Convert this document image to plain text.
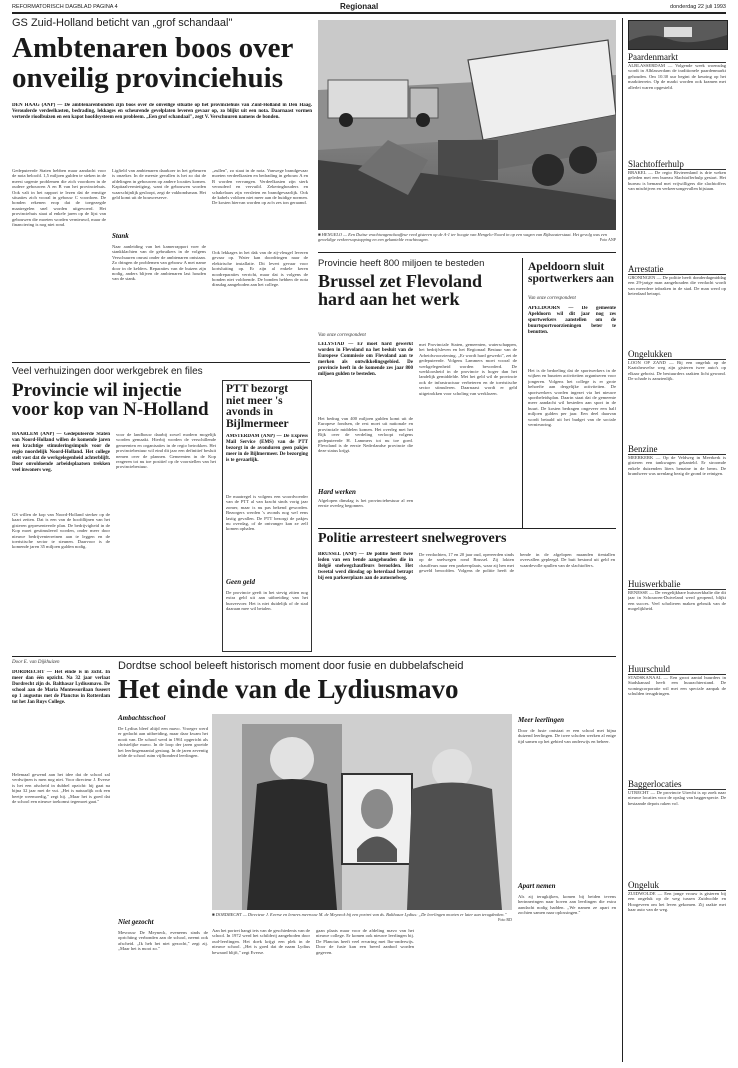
REFORMATORISCH DAGBLAD PAGINA 4	Regionaal	donderdag 22 juli 1993
GS Zuid-Holland beticht van „grof schandaal"
Ambtenaren boos over onveilig provinciehuis
DEN HAAG (ANP) — De ambtenarenbonden zijn boos over de onveilige situatie op het provinciehuis van Zuid-Holland in Den Haag. Verouderde verdeelkasten, bedrading, lekkages en scheurende gevelplaten leveren gevaar op, zo blijkt uit een nota. Daarnaast vormen verterde rioolbuizen en een kapot hoofdsysteem een probleem. „Een grof schandaal", zegt V. Verschuuren namens de bonden.
Gedeputeerde Staten hebben maar aandacht voor de nota beloofd. 1,5 miljoen gulden te steken in de meest urgente problemen die zich voordoen in de oudere gebouwen A en B van het provinciehuis. Ook valt in het rapport te lezen dat de ernstige situaties zich vooral in gebouw C voordoen. De bonden rekenen erop dat de toegezegde maatregelen snel worden uitgevoerd. Het provinciehuis staat al enkele jaren op de lijst van gebouwen die moeten worden vernieuwd, maar de financiering is nog niet rond.
Ligfield van ambtenaren daarkoer in het gebeuren is onzeker. In de meeste gevallen is het zo dat de afdelingen in gebouwen op andere locaties komen. Kapitaalvernietiging, want de gebouwen worden waarschijnlijk gesloopt, zegt de vakbondsman. Het geld komt uit de bouwreserve.
Stank
Naar aanleiding van het kamerrapport voer de stankklachten van de gebruikers in de volgens Verschuuren onrust onder de ambtenaren ontstaan. Zo dringen de problemen van gebouw A met name door in de kelders. Reparaties van de buizen zijn nodig, anders blijven de ambtenaren last houden van de stank.
„zullen", zo staat in de nota. Vanwege brandgevaar moeten verdeelkasten en bedrading in gebouw A en B worden vervangen. Verdeelkasten zijn sterk verouderd en vervuild. Zekeringhouders en schakelaars zijn versleten en brandgevaarlijk. Ook de kabels voldoen niet meer aan de huidige normen. De kosten hiervan worden op zo'n zes ton geraamd.
Ook lekkages in het dak van de zij-vleugel leveren gevaar op. Water kan doordringen naar de elektrische installatie. Dit levert gevaar voor kortsluiting op. Er zijn al enkele keren noodreparaties verricht, maar dat is volgens de bonden niet voldoende. De bonden hebben de nota dinsdag aangeboden aan het college.
■ HENGELO — Een Duitse vrachtwagenchauffeur reed gisteren op de A-1 ter hoogte van Hengelo-Noord in op een wagen van Rijkswaterstaat. Het gevolg was een geweldige verkeersopstopping en een gekantelde vrachtwagen.	Foto ANP
Provincie heeft 800 miljoen te besteden
Brussel zet Flevoland hard aan het werk
Van onze correspondent
LELYSTAD — Er moet hard gewerkt worden in Flevoland na het besluit van de Europese Commissie om Flevoland aan te merken als ontwikkelingsgebied. De provincie heeft in de komende zes jaar 800 miljoen gulden te besteden.
Het bedrag van 400 miljoen gulden komt uit de Europese fondsen, de rest moet uit nationale en provinciale middelen komen. Het overleg met het Rijk over de verdeling verloopt volgens gedeputeerde H. Lammers tot nu toe goed. Flevoland is de eerste Nederlandse provincie die deze status krijgt.
Hard werken
Afgelopen dinsdag is het provinciebestuur al een eerste overleg begonnen.
met Provinciale Staten, gemeenten, waterschappen, het bedrijfsleven en het Regionaal Bestuur van de Arbeidsvoorziening. „Er wordt hard gewerkt", zei de gedeputeerde. Volgens Lammers moet vooral de werkgelegenheid worden bevorderd. De werkloosheid in de provincie is hoger dan het landelijk gemiddelde. Met het geld wil de provincie ook de infrastructuur verbeteren en de toeristische sector stimuleren. Daarnaast wordt er geld uitgetrokken voor scholing van werklozen.
Apeldoorn sluit sportwerkers aan
Van onze correspondent
APELDOORN — De gemeente Apeldoorn wil dit jaar nog zes sportwerkers aanstellen om de buurtsportvoorzieningen beter te benutten.
Het is de bedoeling dat de sportwerkers in de wijken en buurten activiteiten organiseren voor jongeren. Volgens het college is er grote behoefte aan dergelijke activiteiten. De sportwerkers worden ingezet via het nieuwe sportbeleidsplan. Daarin staat dat de gemeente meer aandacht wil besteden aan sport in de buurt. De kosten bedragen ongeveer een half miljoen gulden per jaar. Een deel daarvan wordt betaald uit het budget van de sociale vernieuwing.
Veel verhuizingen door werkgebrek en files
Provincie wil injectie voor kop van N-Holland
HAARLEM (ANP) — Gedeputeerde Staten van Noord-Holland willen de komende jaren een krachtige stimuleringsimpuls voor de regio noordelijk Noord-Holland. Het college stelt vast dat de werkgelegenheid achterblijft. Door onvoldoende arbeidsplaatsen trekken veel inwoners weg.
GS willen de kop van Noord-Holland sterker op de kaart zetten. Dat is een van de hoofdlijnen van het gisteren gepresenteerde plan. De bedrijvigheid in de Kop moet gestimuleerd worden, onder meer door nieuwe bedrijventerreinen aan te leggen en de toeristische sector te steunen. Daarvoor is de komende jaren 35 miljoen gulden nodig.
voor de landbouw daarbij zowel modern mogelijk worden gemaakt. Hierbij worden de verschillende gemeenten en organisaties in de regio betrokken. Het provinciebestuur wil eind dit jaar een definitief besluit nemen over de plannen. Gemeenten in de Kop reageren tot nu toe positief op de voorstellen van het provinciebestuur.
PTT bezorgt niet meer 's avonds in Bijlmermeer
AMSTERDAM (ANP) — De Express Mail Service (EMS) van de PTT bezorgt in de avonduren geen pakjes meer in de Bijlmermeer. De bezorging is te gevaarlijk.
De maatregel is volgens een woordvoerder van de PTT al van kracht sinds vorig jaar zomer, maar is nu pas bekend geworden. Bezorgers werden 's avonds nog wel eens lastig gevallen. De PTT bezorgt de pakjes nu overdag, of de ontvanger kan ze zelf komen ophalen.
Geen geld
De provincie geeft in het stevig zitten nog extra geld uit aan uitbreiding van het busvervoer. Het is niet duidelijk of de stad daaraan mee wil betalen.
Politie arresteert snelwegrovers
BRUSSEL (ANP) — De politie heeft twee leden van een bende aangehouden die in België snelwegchauffeurs beroofden. Het tweetal werd dinsdag op heterdaad betrapt bij een parkeerplaats aan de autosnelweg.
De verdachten, 17 en 20 jaar oud, opereerden sinds op de snelwegen rond Brussel. Zij lokten chauffeurs naar een parkeerplaats, waar zij hen met geweld beroofden. Volgens de politie heeft de bende in de afgelopen maanden tientallen overvallen gepleegd. De buit bestond uit geld en waardevolle spullen van de slachtoffers.
Door E. van Dijkhuizen
DORDRECHT — Het einde is in zicht. In meer dan één opzicht. Na 32 jaar verlaat Dordrecht zijn ds. Balthasar Lydiusmavo. De school aan de Maria Montessorilaan fuseert op 1 augustus met de Planctus in Rotterdam tot het Jan Ruys College.
Helemaal gewend aan het idee dat de school zal verdwijnen is men nog niet. Voor directeur J. Everse is het een afscheid in dubbel opzicht: hij gaat na bijna 32 jaar met de vut. „Het is natuurlijk ook een beetje weemoedig," zegt hij. „Maar het is goed dat de school een nieuwe toekomst tegemoet gaat."
Dordtse school beleeft historisch moment door fusie en dubbelafscheid
Het einde van de Lydiusmavo
Ambachtsschool
De Lydius bleef altijd een mavo. Vroeger werd er gedacht aan uitbreiding, maar daar kwam het nooit van. De school werd in 1961 opgericht als christelijke mavo. In de loop der jaren groeide het leerlingenaantal gestaag. In de jaren zeventig telde de school ruim vijfhonderd leerlingen.
Niet gezocht
Mevrouw De Meyneck, eveneens sinds de oprichting verbonden aan de school, neemt ook afscheid. „Ik heb het niet gezocht," zegt zij. „Maar het is mooi zo."
■ DORDRECHT — Directeur J. Everse en lerares mevrouw M. de Meyneck bij een portret van ds. Balthasar Lydius: „De leerlingen moeten er later aan terugdenken."
Foto RD
Aan het portret hangt iets van de geschiedenis van de school. In 1972 werd het schilderij aangeboden door oud-leerlingen. Het doek krijgt een plek in de nieuwe school. „Het is goed dat de naam Lydius bewaard blijft," zegt Everse.
gaan plaats maar voor de afdeling mavo van het nieuwe college. Er komen ook nieuwe leerlingen bij. De Planctus heeft veel ervaring met lbo-onderwijs. Door de fusie kan een breed aanbod worden gegeven.
Meer leerlingen
Door de fusie ontstaat er een school met bijna duizend leerlingen. De twee scholen werken al enige tijd samen op het gebied van onderwijs en beheer.
Apart nemen
Als zij terugkijken, komen bij beiden tevens herinneringen naar boven aan leerlingen die extra aandacht nodig hadden. „We namen ze apart en zochten samen naar oplossingen."
Paardenmarkt
ALBLASSERDAM — Volgende week woensdag wordt in Alblasserdam de traditionele paardenmarkt gehouden. Om 10.30 uur begint de keuring op het marktterrein. Op de markt worden ook kramen met allerlei waren opgesteld.
Slachtofferhulp
BRAKEL — De regio Rivierenland is drie weken geleden met een bureau Slachtofferhulp gestart. Het bureau is bemand met vrijwilligers die slachtoffers van misdrijven en verkeersongevallen bijstaan.
Arrestatie
GRONINGEN — De politie heeft donderdagmiddag een 29-jarige man aangehouden die verdacht wordt van meerdere inbraken in de stad. De man werd op heterdaad betrapt.
Ongelukken
LOON OP ZAND — Bij een ongeluk op de Kaatsheuvelse weg zijn gisteren twee auto's op elkaar gebotst. De bestuurders raakten licht gewond. De schade is aanzienlijk.
Benzine
MEERKERK — Op de Veldweg in Meerkerk is gisteren een tankwagen gekanteld. Er stroomde enkele duizenden liters benzine in de berm. De brandweer was urenlang bezig de grond te reinigen.
Huiswerkbalie
RENESSE — De vergelijkbare huiswerkbalie die dit jaar in Schouwen-Duiveland werd geopend, blijkt een succes. Veel scholieren maken gebruik van de mogelijkheid.
Huurschuld
STADSKANAAL — Een groot aantal huurders in Stadskanaal heeft een huurachterstand. De woningcorporatie wil met een speciale aanpak de schulden terugdringen.
Baggerlocaties
UTRECHT — De provincie Utrecht is op zoek naar nieuwe locaties voor de opslag van baggerspecie. De bestaande depots raken vol.
Ongeluk
ZUIDWOLDE — Een jonge vrouw is gisteren bij een ongeluk op de weg tussen Zuidwolde en Hoogeveen om het leven gekomen. Zij raakte met haar auto van de weg.
